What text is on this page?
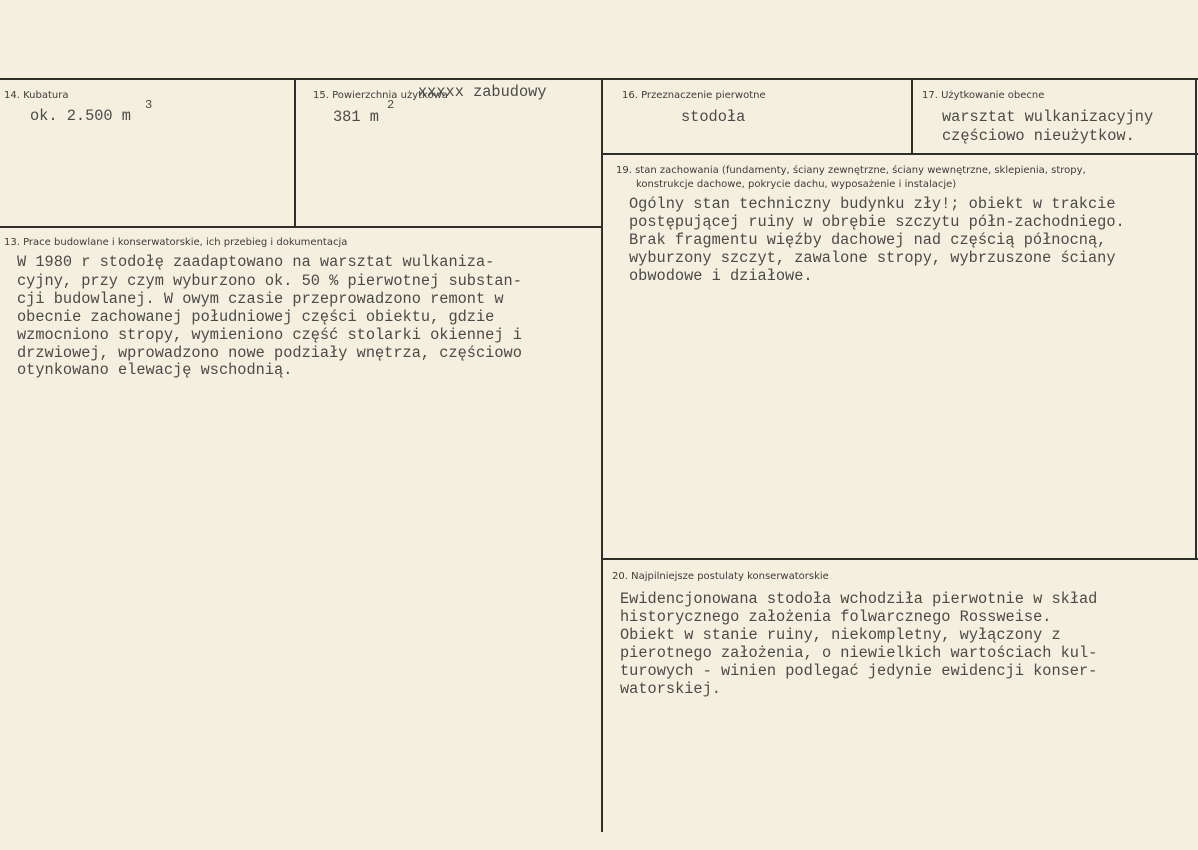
14. Kubatura
ok. 2.500 m
3
15. Powierzchnia użytkowa
xxxxx zabudowy
381 m
2
16. Przeznaczenie pierwotne
stodoła
17. Użytkowanie obecne
warsztat wulkanizacyjny
częściowo nieużytkow.
19. stan zachowania (fundamenty, ściany zewnętrzne, ściany wewnętrzne, sklepienia, stropy,
konstrukcje dachowe, pokrycie dachu, wyposażenie i instalacje)
Ogólny stan techniczny budynku zły!; obiekt w trakcie
postępującej ruiny w obrębie szczytu półn-zachodniego.
Brak fragmentu więźby dachowej nad częścią północną,
wyburzony szczyt, zawalone stropy, wybrzuszone ściany
obwodowe i działowe.
13. Prace budowlane i konserwatorskie, ich przebieg i dokumentacja
W 1980 r stodołę zaadaptowano na warsztat wulkaniza-
cyjny, przy czym wyburzono ok. 50 % pierwotnej substan-
cji budowlanej. W owym czasie przeprowadzono remont w
obecnie zachowanej południowej części obiektu, gdzie
wzmocniono stropy, wymieniono część stolarki okiennej i
drzwiowej, wprowadzono nowe podziały wnętrza, częściowo
otynkowano elewację wschodnią.
20. Najpilniejsze postulaty konserwatorskie
Ewidencjonowana stodoła wchodziła pierwotnie w skład
historycznego założenia folwarcznego Rossweise.
Obiekt w stanie ruiny, niekompletny, wyłączony z
pierotnego założenia, o niewielkich wartościach kul-
turowych - winien podlegać jedynie ewidencji konser-
watorskiej.
